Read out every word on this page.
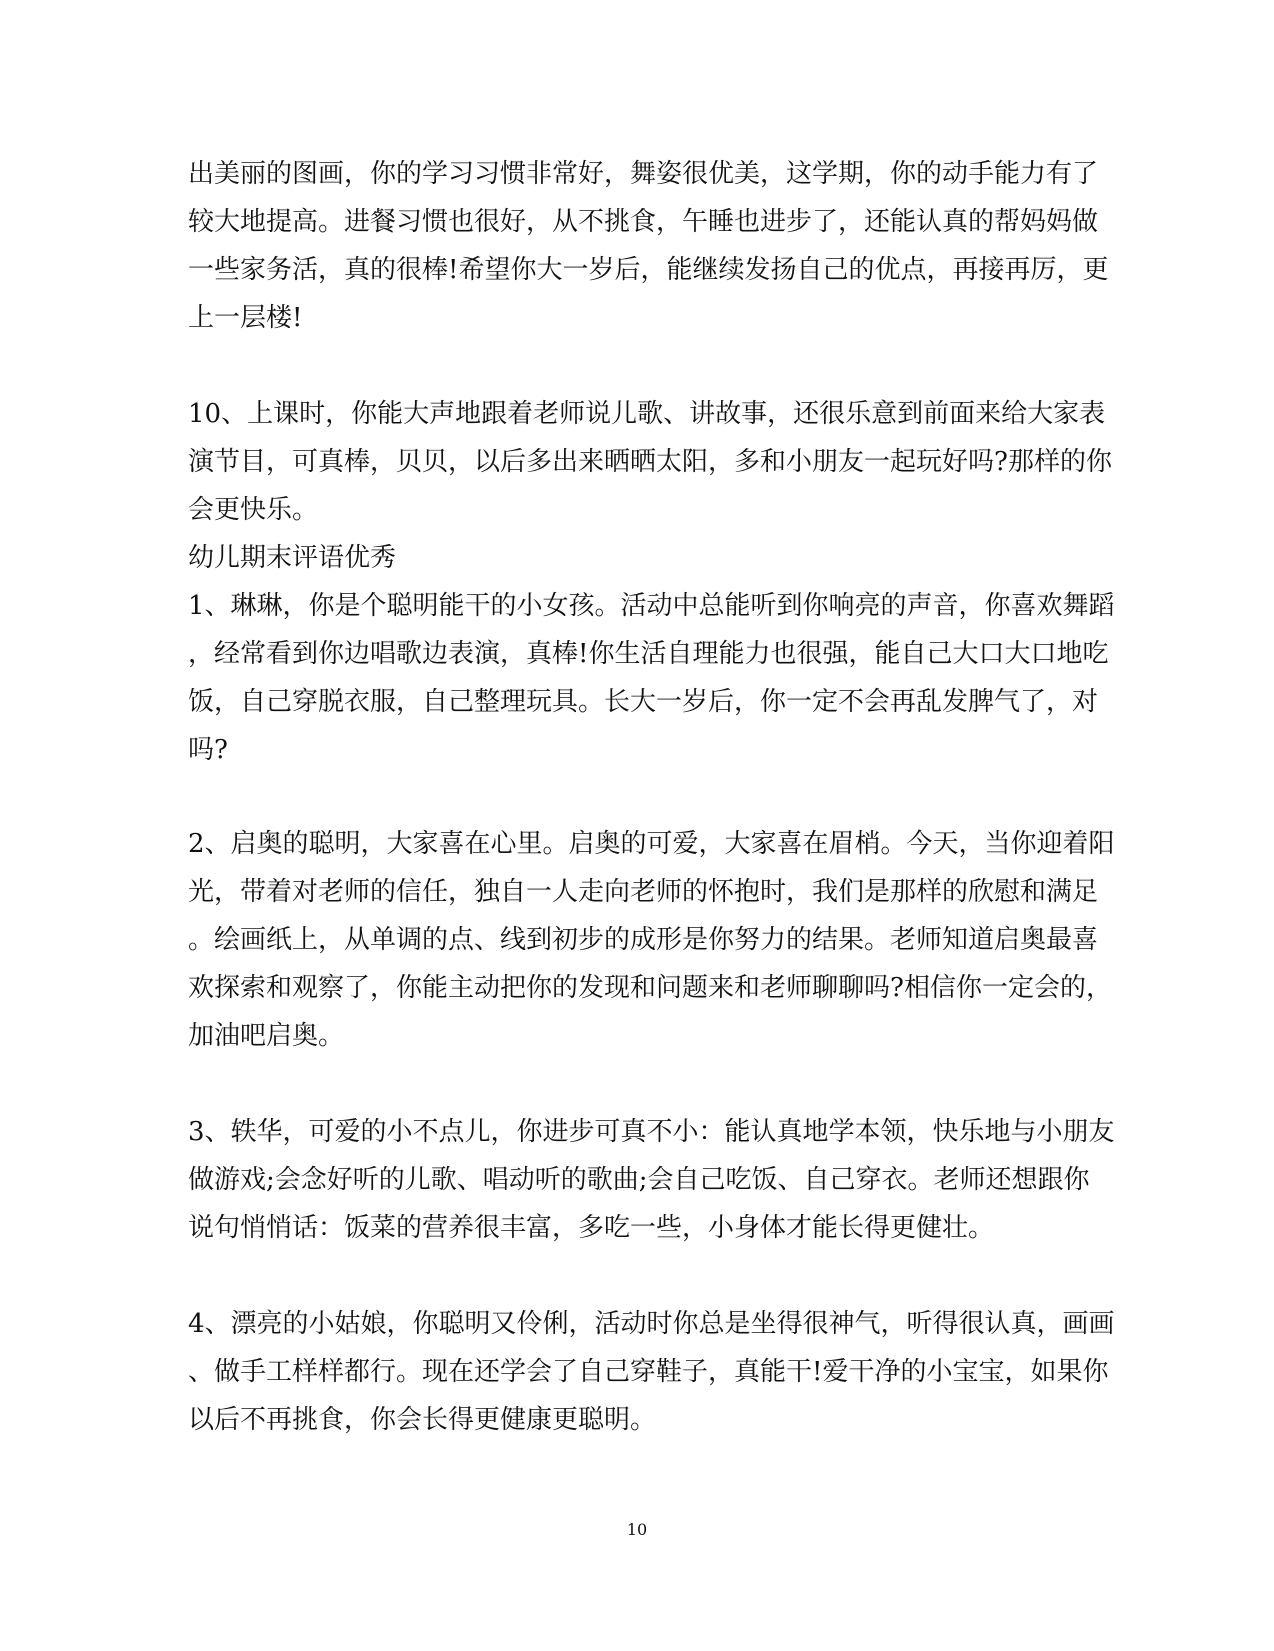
出美丽的图画，你的学习习惯非常好，舞姿很优美，这学期，你的动手能力有了
较大地提高。进餐习惯也很好，从不挑食，午睡也进步了，还能认真的帮妈妈做
一些家务活，真的很棒!希望你大一岁后，能继续发扬自己的优点，再接再厉，更
上一层楼!
10、上课时，你能大声地跟着老师说儿歌、讲故事，还很乐意到前面来给大家表
演节目，可真棒，贝贝，以后多出来晒晒太阳，多和小朋友一起玩好吗?那样的你
会更快乐。
幼儿期末评语优秀
1、琳琳，你是个聪明能干的小女孩。活动中总能听到你响亮的声音，你喜欢舞蹈
，经常看到你边唱歌边表演，真棒!你生活自理能力也很强，能自己大口大口地吃
饭，自己穿脱衣服，自己整理玩具。长大一岁后，你一定不会再乱发脾气了，对
吗?
2、启奥的聪明，大家喜在心里。启奥的可爱，大家喜在眉梢。今天，当你迎着阳
光，带着对老师的信任，独自一人走向老师的怀抱时，我们是那样的欣慰和满足
。绘画纸上，从单调的点、线到初步的成形是你努力的结果。老师知道启奥最喜
欢探索和观察了，你能主动把你的发现和问题来和老师聊聊吗?相信你一定会的，
加油吧启奥。
3、轶华，可爱的小不点儿，你进步可真不小：能认真地学本领，快乐地与小朋友
做游戏;会念好听的儿歌、唱动听的歌曲;会自己吃饭、自己穿衣。老师还想跟你
说句悄悄话：饭菜的营养很丰富，多吃一些，小身体才能长得更健壮。
4、漂亮的小姑娘，你聪明又伶俐，活动时你总是坐得很神气，听得很认真，画画
、做手工样样都行。现在还学会了自己穿鞋子，真能干!爱干净的小宝宝，如果你
以后不再挑食，你会长得更健康更聪明。
10
